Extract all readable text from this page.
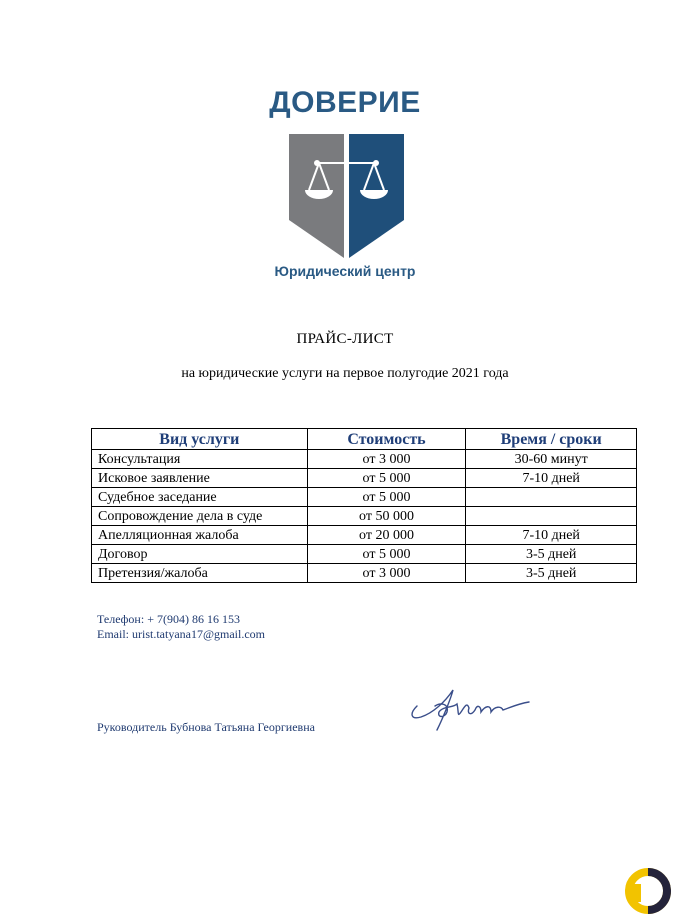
ДОВЕРИЕ
Юридический центр
ПРАЙС-ЛИСТ
на юридические услуги на первое полугодие 2021 года
Вид услуги	Стоимость	Время / сроки
Консультация	от 3 000	30-60 минут
Исковое заявление	от 5 000	7-10 дней
Судебное заседание	от 5 000	
Сопровождение дела в суде	от 50 000	
Апелляционная жалоба	от 20 000	7-10 дней
Договор	от 5 000	3-5 дней
Претензия/жалоба	от 3 000	3-5 дней
Телефон: + 7(904) 86 16 153
Email: urist.tatyana17@gmail.com
Руководитель Бубнова Татьяна Георгиевна
